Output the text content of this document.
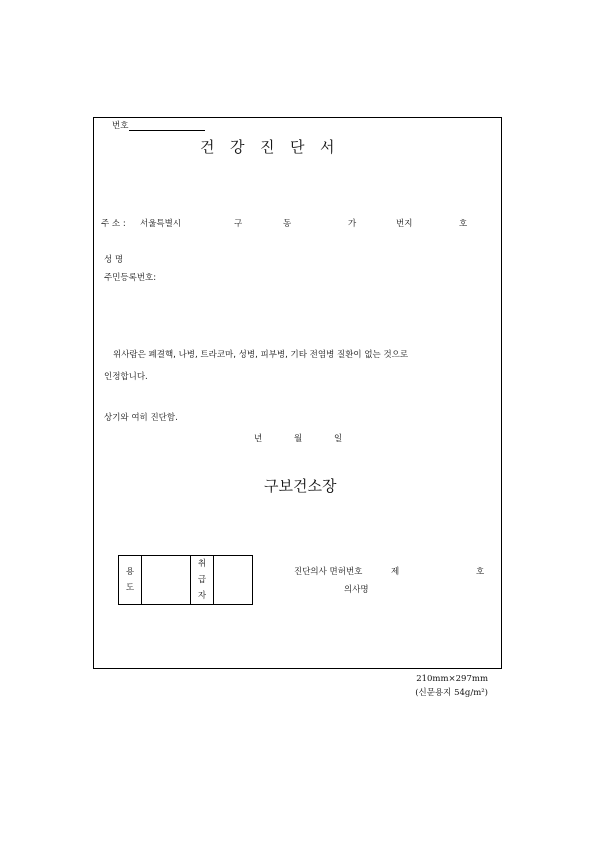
번호
건 강 진 단 서
주 소 : 서울특별시	구	동	가	번지	호
성 명
주민등록번호:
위사람은 폐결핵, 나병, 트라코마, 성병, 피부병, 기타 전염병 질환이 없는 것으로
인정합니다.
상기와 여히 진단함.
년	월	일
구보건소장
용
도

취
급
자

진단의사 면허번호	제	호
의사명
210mm×297mm
(신문용지 54g/m²)
